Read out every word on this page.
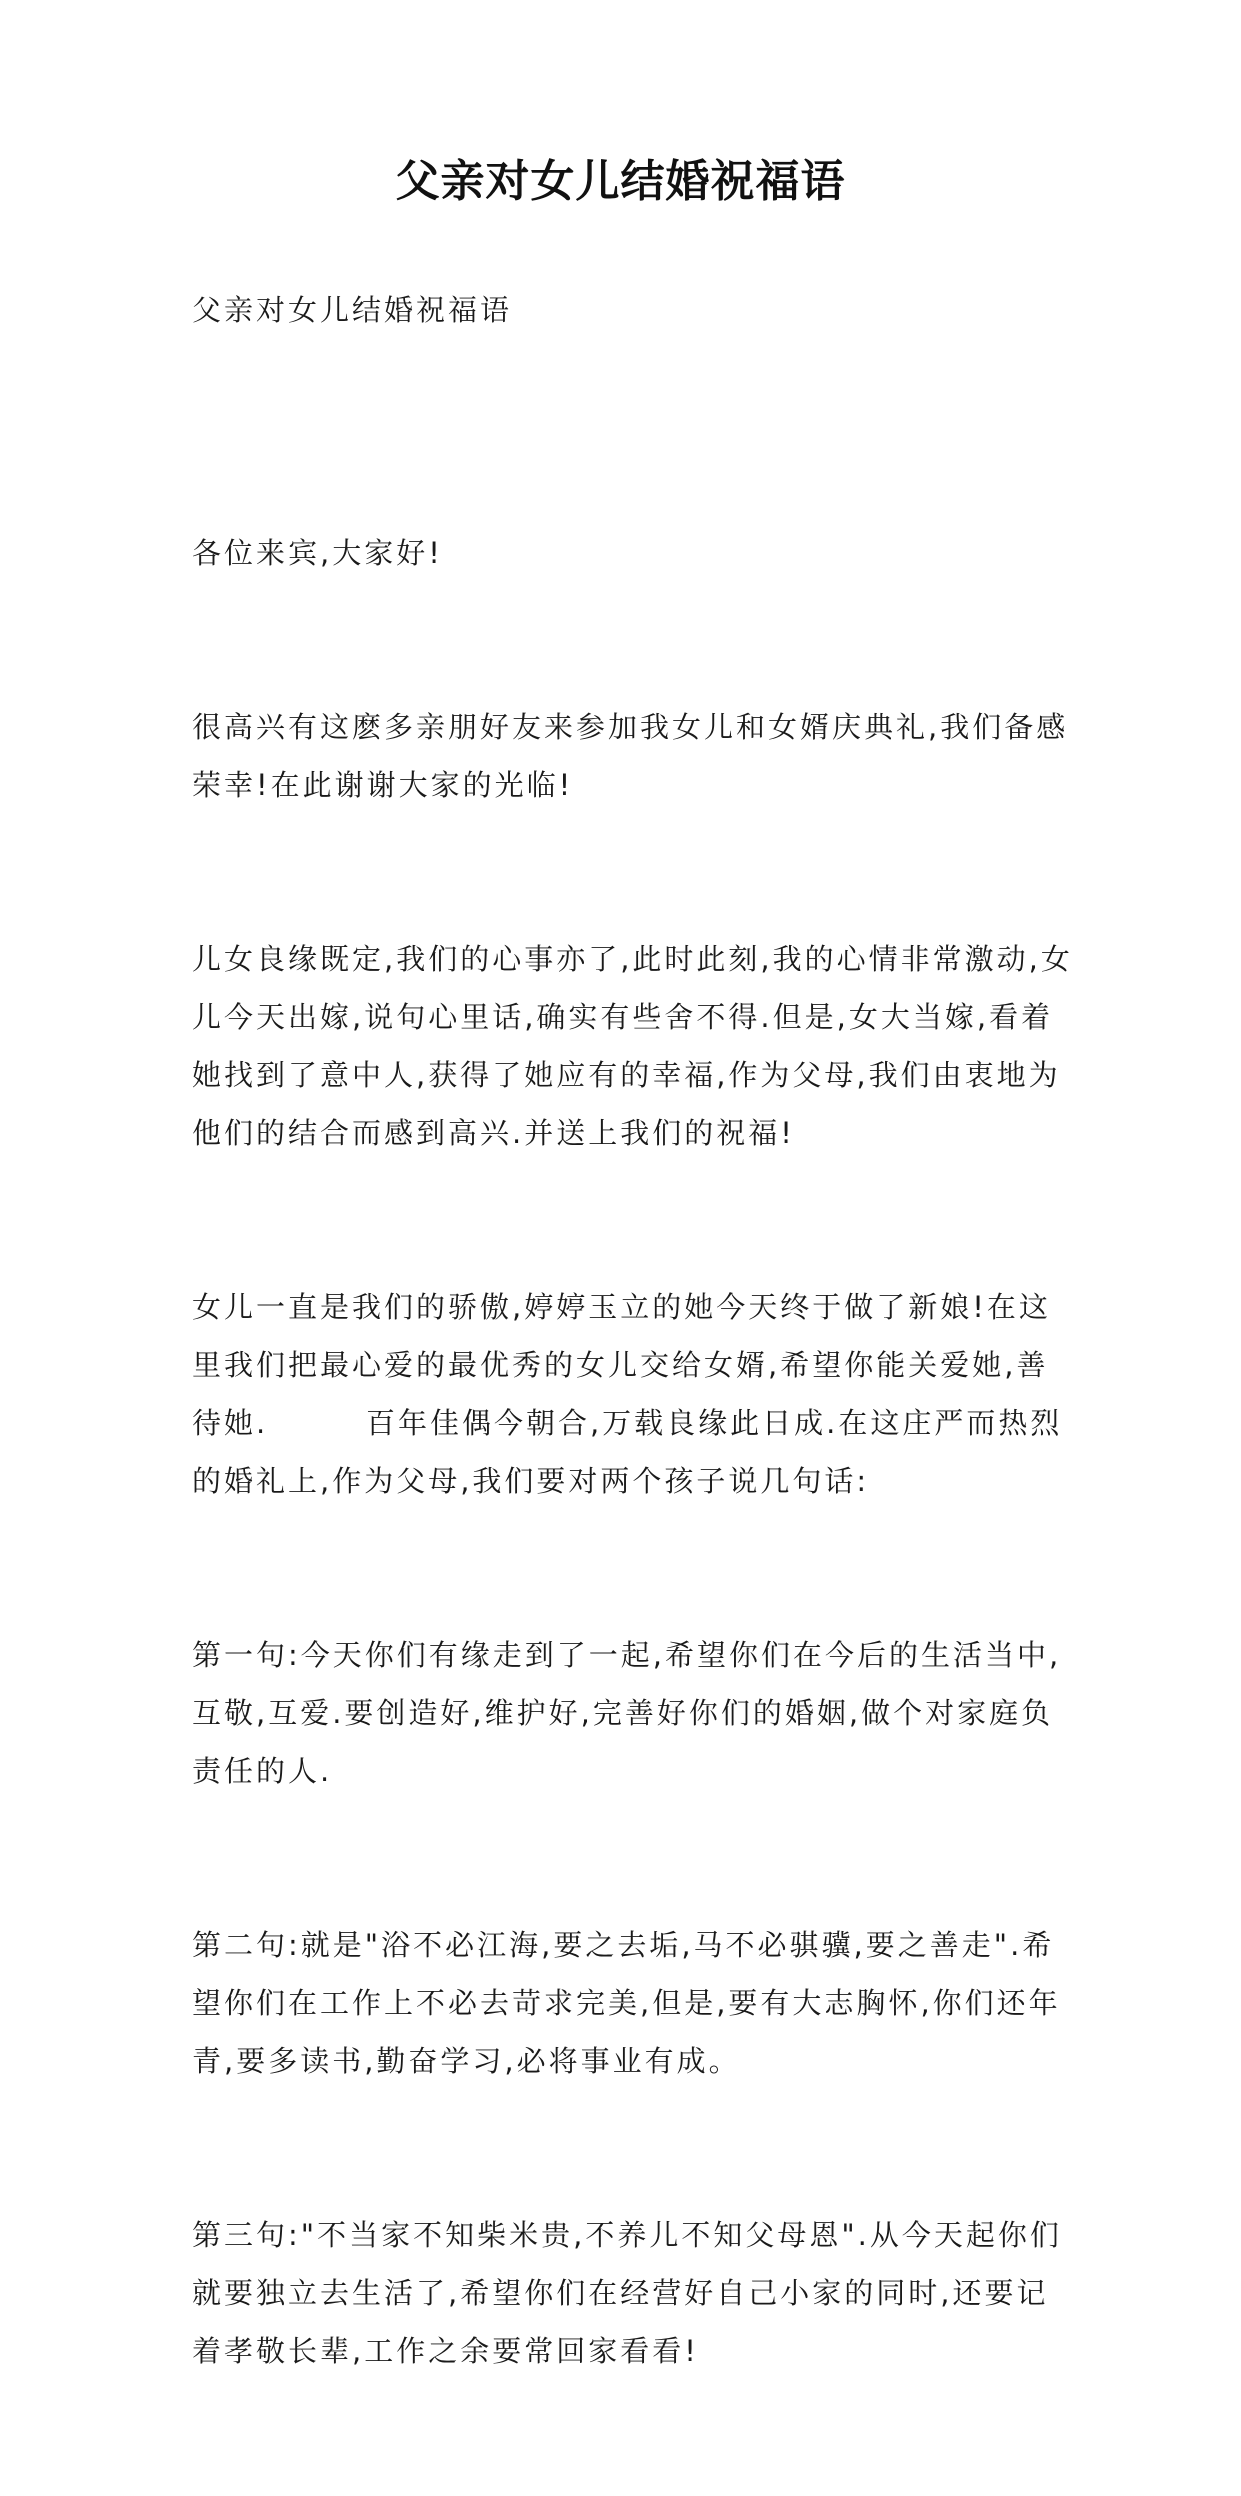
父亲对女儿结婚祝福语
父亲对女儿结婚祝福语

各位来宾,大家好!

很高兴有这麽多亲朋好友来参加我女儿和女婿庆典礼,我们备感荣幸!在此谢谢大家的光临!

儿女良缘既定,我们的心事亦了,此时此刻,我的心情非常激动,女儿今天出嫁,说句心里话,确实有些舍不得.但是,女大当嫁,看着她找到了意中人,获得了她应有的幸福,作为父母,我们由衷地为他们的结合而感到高兴.并送上我们的祝福!

女儿一直是我们的骄傲,婷婷玉立的她今天终于做了新娘!在这里我们把最心爱的最优秀的女儿交给女婿,希望你能关爱她,善待她.        百年佳偶今朝合,万载良缘此日成.在这庄严而热烈的婚礼上,作为父母,我们要对两个孩子说几句话:

第一句:今天你们有缘走到了一起,希望你们在今后的生活当中,互敬,互爱.要创造好,维护好,完善好你们的婚姻,做个对家庭负责任的人.

第二句:就是"浴不必江海,要之去垢,马不必骐骥,要之善走".希望你们在工作上不必去苛求完美,但是,要有大志胸怀,你们还年青,要多读书,勤奋学习,必将事业有成。

第三句:"不当家不知柴米贵,不养儿不知父母恩".从今天起你们就要独立去生活了,希望你们在经营好自己小家的同时,还要记着孝敬长辈,工作之余要常回家看看!
